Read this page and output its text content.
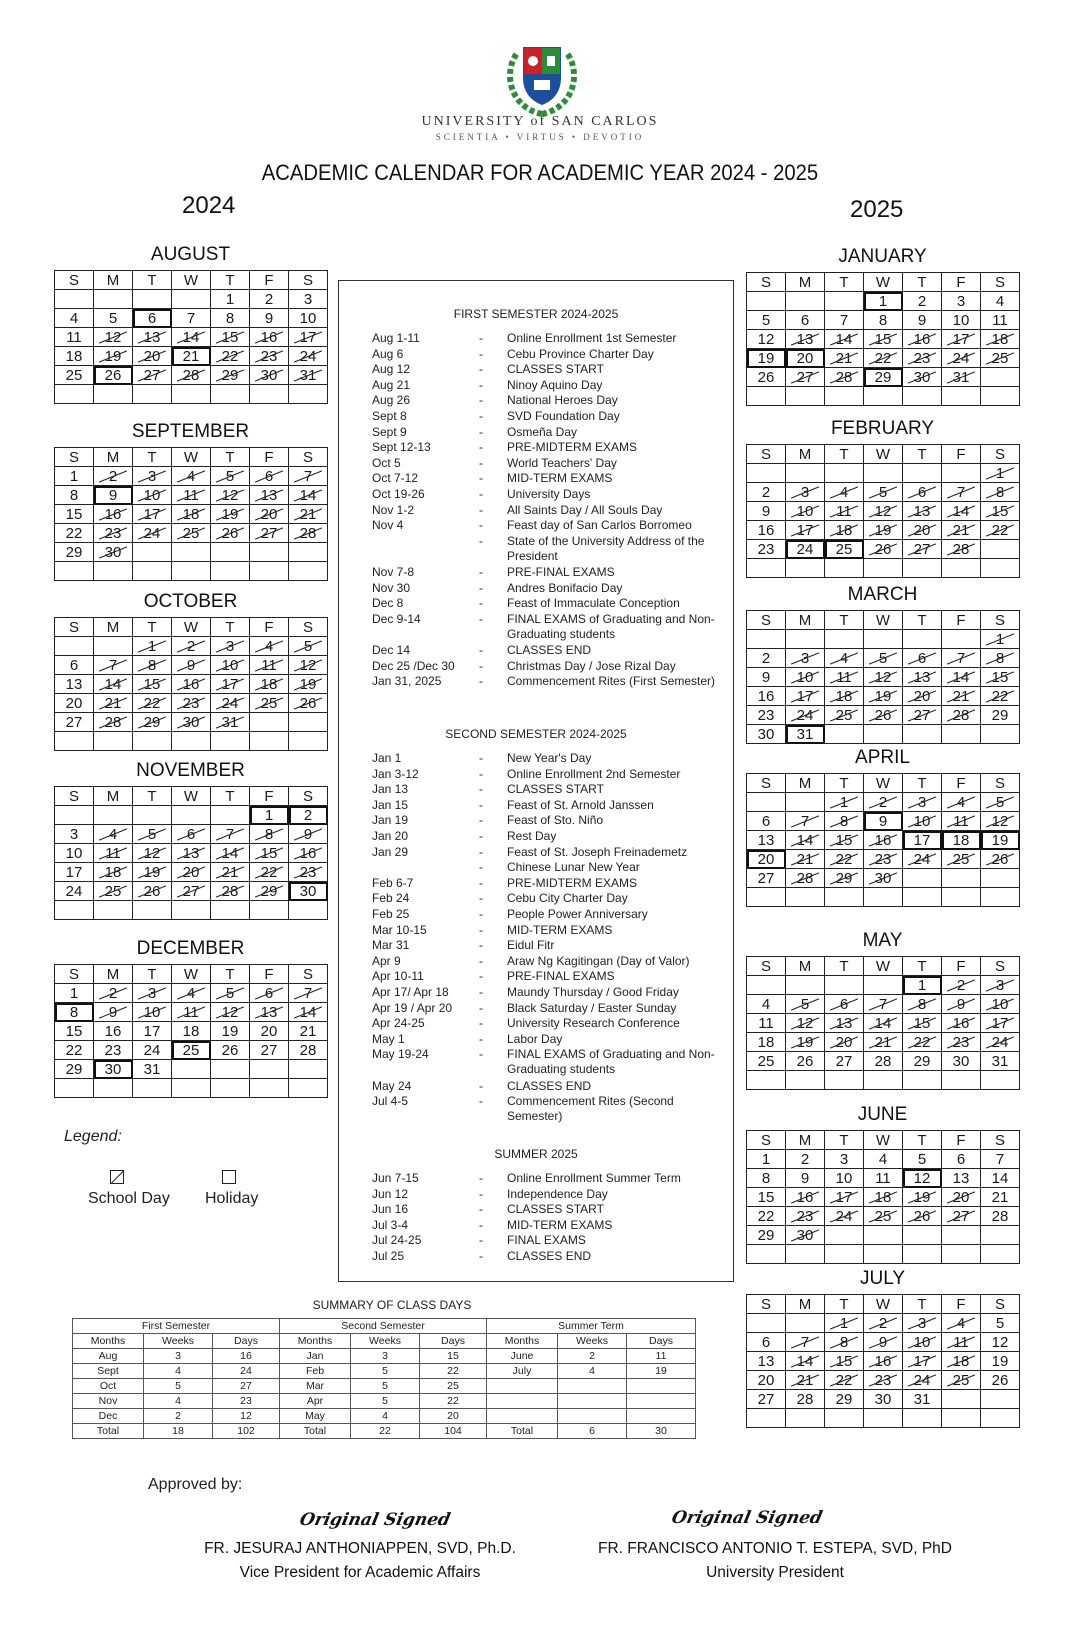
UNIVERSITY of SAN CARLOS
SCIENTIA • VIRTUS • DEVOTIO
ACADEMIC CALENDAR FOR ACADEMIC YEAR 2024 - 2025
2024	2025
AUGUST
S	M	T	W	T	F	S
				1	2	3
4	5	6	7	8	9	10
11	12	13	14	15	16	17
18	19	20	21	22	23	24
25	26	27	28	29	30	31

SEPTEMBER
S	M	T	W	T	F	S
1	2	3	4	5	6	7
8	9	10	11	12	13	14
15	16	17	18	19	20	21
22	23	24	25	26	27	28
29	30					

OCTOBER
S	M	T	W	T	F	S
		1	2	3	4	5
6	7	8	9	10	11	12
13	14	15	16	17	18	19
20	21	22	23	24	25	26
27	28	29	30	31		

NOVEMBER
S	M	T	W	T	F	S
					1	2
3	4	5	6	7	8	9
10	11	12	13	14	15	16
17	18	19	20	21	22	23
24	25	26	27	28	29	30

DECEMBER
S	M	T	W	T	F	S
1	2	3	4	5	6	7
8	9	10	11	12	13	14
15	16	17	18	19	20	21
22	23	24	25	26	27	28
29	30	31				

JANUARY
S	M	T	W	T	F	S
			1	2	3	4
5	6	7	8	9	10	11
12	13	14	15	16	17	18
19	20	21	22	23	24	25
26	27	28	29	30	31	

FEBRUARY
S	M	T	W	T	F	S
						1
2	3	4	5	6	7	8
9	10	11	12	13	14	15
16	17	18	19	20	21	22
23	24	25	26	27	28	

MARCH
S	M	T	W	T	F	S
						1
2	3	4	5	6	7	8
9	10	11	12	13	14	15
16	17	18	19	20	21	22
23	24	25	26	27	28	29
30	31					
APRIL
S	M	T	W	T	F	S
		1	2	3	4	5
6	7	8	9	10	11	12
13	14	15	16	17	18	19
20	21	22	23	24	25	26
27	28	29	30			

MAY
S	M	T	W	T	F	S
				1	2	3
4	5	6	7	8	9	10
11	12	13	14	15	16	17
18	19	20	21	22	23	24
25	26	27	28	29	30	31

JUNE
S	M	T	W	T	F	S
1	2	3	4	5	6	7
8	9	10	11	12	13	14
15	16	17	18	19	20	21
22	23	24	25	26	27	28
29	30					

JULY
S	M	T	W	T	F	S
		1	2	3	4	5
6	7	8	9	10	11	12
13	14	15	16	17	18	19
20	21	22	23	24	25	26
27	28	29	30	31		

FIRST SEMESTER 2024-2025
Aug 1-11	- Online Enrollment 1st Semester
Aug 6	- Cebu Province Charter Day
Aug 12	- CLASSES START
Aug 21	- Ninoy Aquino Day
Aug 26	- National Heroes Day
Sept 8	- SVD Foundation Day
Sept 9	- Osmeña Day
Sept 12-13	- PRE-MIDTERM EXAMS
Oct 5	- World Teachers' Day
Oct 7-12	- MID-TERM EXAMS
Oct 19-26	- University Days
Nov 1-2	- All Saints Day / All Souls Day
Nov 4	- Feast day of San Carlos Borromeo
- State of the University Address of the President
Nov 7-8	- PRE-FINAL EXAMS
Nov 30	- Andres Bonifacio Day
Dec 8	- Feast of Immaculate Conception
Dec 9-14	- FINAL EXAMS of Graduating and Non-Graduating students
Dec 14	- CLASSES END
Dec 25 /Dec 30	- Christmas Day / Jose Rizal Day
Jan 31, 2025	- Commencement Rites (First Semester)
SECOND SEMESTER 2024-2025
Jan 1	- New Year's Day
Jan 3-12	- Online Enrollment 2nd Semester
Jan 13	- CLASSES START
Jan 15	- Feast of St. Arnold Janssen
Jan 19	- Feast of Sto. Niño
Jan 20	- Rest Day
Jan 29	- Feast of St. Joseph Freinademetz
- Chinese Lunar New Year
Feb 6-7	- PRE-MIDTERM EXAMS
Feb 24	- Cebu City Charter Day
Feb 25	- People Power Anniversary
Mar 10-15	- MID-TERM EXAMS
Mar 31	- Eidul Fitr
Apr 9	- Araw Ng Kagitingan (Day of Valor)
Apr 10-11	- PRE-FINAL EXAMS
Apr 17/ Apr 18	- Maundy Thursday / Good Friday
Apr 19 / Apr 20	- Black Saturday / Easter Sunday
Apr 24-25	- University Research Conference
May 1	- Labor Day
May 19-24	- FINAL EXAMS of Graduating and Non-Graduating students
May 24	- CLASSES END
Jul 4-5	- Commencement Rites (Second Semester)
SUMMER 2025
Jun 7-15	- Online Enrollment Summer Term
Jun 12	- Independence Day
Jun 16	- CLASSES START
Jul 3-4	- MID-TERM EXAMS
Jul 24-25	- FINAL EXAMS
Jul 25	- CLASSES END
Legend:
School Day Holiday
SUMMARY OF CLASS DAYS
First Semester			Second Semester			Summer Term		
Months	Weeks	Days	Months	Weeks	Days	Months	Weeks	Days
Aug	3	16	Jan	3	15	June	2	11
Sept	4	24	Feb	5	22	July	4	19
Oct	5	27	Mar	5	25			
Nov	4	23	Apr	5	22			
Dec	2	12	May	4	20			
Total	18	102	Total	22	104	Total	6	30
Approved by:
Original Signed
FR. JESURAJ ANTHONIAPPEN, SVD, Ph.D.
Vice President for Academic Affairs
Original Signed
FR. FRANCISCO ANTONIO T. ESTEPA, SVD, PhD
University President
